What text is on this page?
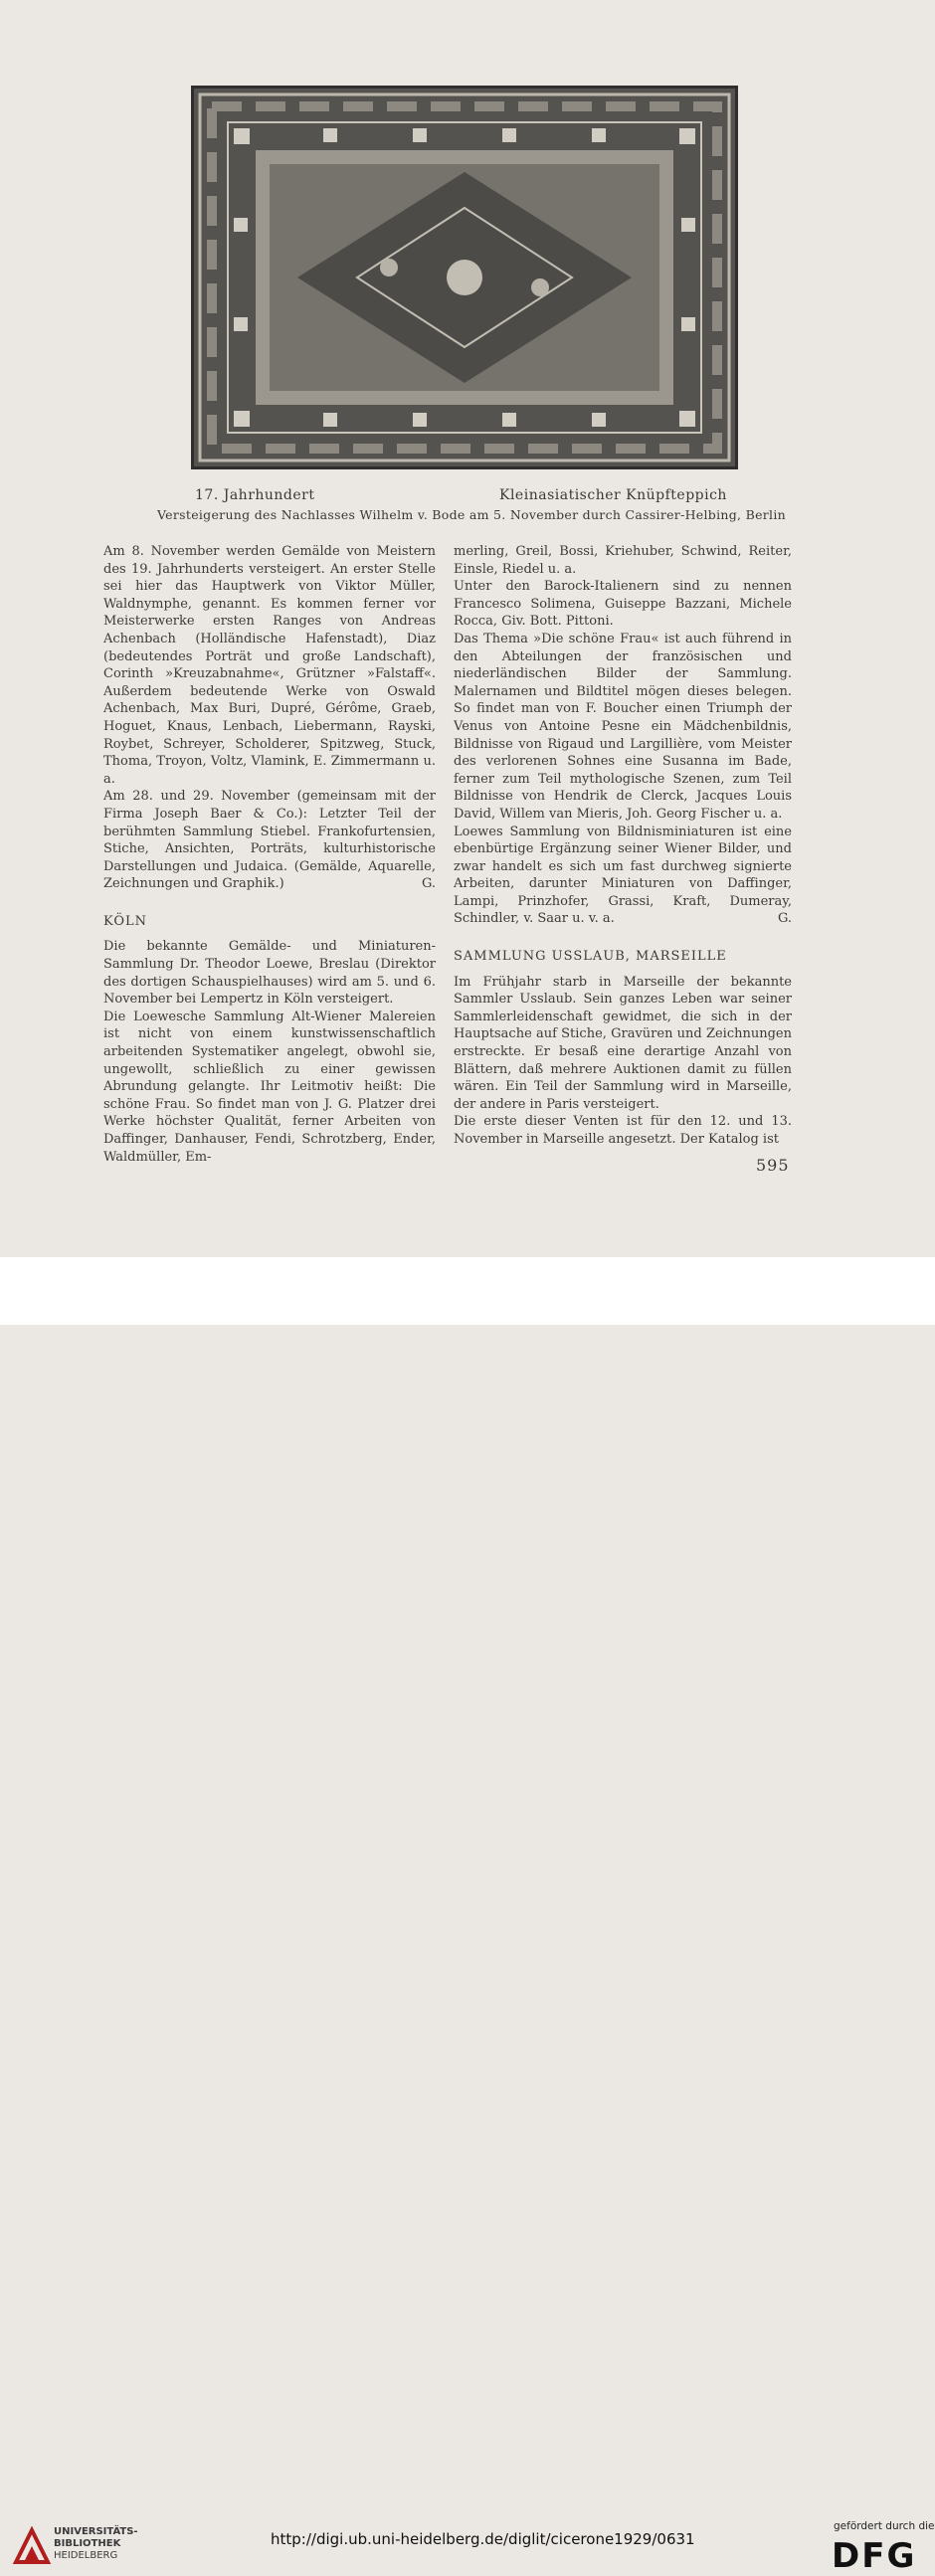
17. Jahrhundert	Kleinasiatischer Knüpfteppich
Versteigerung des Nachlasses Wilhelm v. Bode am 5. November durch Cassirer-Helbing, Berlin

Am 8. November werden Gemälde von Meistern des 19. Jahrhunderts versteigert. An erster Stelle sei hier das Hauptwerk von Viktor Müller, Waldnymphe, genannt. Es kommen ferner vor Meisterwerke ersten Ranges von Andreas Achenbach (Holländische Hafenstadt), Diaz (bedeutendes Porträt und große Landschaft), Corinth »Kreuzabnahme«, Grützner »Falstaff«. Außerdem bedeutende Werke von Oswald Achenbach, Max Buri, Dupré, Gérôme, Graeb, Hoguet, Knaus, Lenbach, Liebermann, Rayski, Roybet, Schreyer, Scholderer, Spitzweg, Stuck, Thoma, Troyon, Voltz, Vlamink, E. Zimmermann u. a.

Am 28. und 29. November (gemeinsam mit der Firma Joseph Baer & Co.): Letzter Teil der berühmten Sammlung Stiebel. Frankofurtensien, Stiche, Ansichten, Porträts, kulturhistorische Darstellungen und Judaica. (Gemälde, Aquarelle, Zeichnungen und Graphik.)	G.

KÖLN

Die bekannte Gemälde- und Miniaturen-Sammlung Dr. Theodor Loewe, Breslau (Direktor des dortigen Schauspielhauses) wird am 5. und 6. November bei Lempertz in Köln versteigert.

Die Loewesche Sammlung Alt-Wiener Malereien ist nicht von einem kunstwissenschaftlich arbeitenden Systematiker angelegt, obwohl sie, ungewollt, schließlich zu einer gewissen Abrundung gelangte. Ihr Leitmotiv heißt: Die schöne Frau. So findet man von J. G. Platzer drei Werke höchster Qualität, ferner Arbeiten von Daffinger, Danhauser, Fendi, Schrotzberg, Ender, Waldmüller, Em-

merling, Greil, Bossi, Kriehuber, Schwind, Reiter, Einsle, Riedel u. a.

Unter den Barock-Italienern sind zu nennen Francesco Solimena, Guiseppe Bazzani, Michele Rocca, Giv. Bott. Pittoni.

Das Thema »Die schöne Frau« ist auch führend in den Abteilungen der französischen und niederländischen Bilder der Sammlung. Malernamen und Bildtitel mögen dieses belegen. So findet man von F. Boucher einen Triumph der Venus von Antoine Pesne ein Mädchenbildnis, Bildnisse von Rigaud und Largillière, vom Meister des verlorenen Sohnes eine Susanna im Bade, ferner zum Teil mythologische Szenen, zum Teil Bildnisse von Hendrik de Clerck, Jacques Louis David, Willem van Mieris, Joh. Georg Fischer u. a.

Loewes Sammlung von Bildnisminiaturen ist eine ebenbürtige Ergänzung seiner Wiener Bilder, und zwar handelt es sich um fast durchweg signierte Arbeiten, darunter Miniaturen von Daffinger, Lampi, Prinzhofer, Grassi, Kraft, Dumeray, Schindler, v. Saar u. v. a.	G.

SAMMLUNG USSLAUB, MARSEILLE

Im Frühjahr starb in Marseille der bekannte Sammler Usslaub. Sein ganzes Leben war seiner Sammlerleidenschaft gewidmet, die sich in der Hauptsache auf Stiche, Gravüren und Zeichnungen erstreckte. Er besaß eine derartige Anzahl von Blättern, daß mehrere Auktionen damit zu füllen wären. Ein Teil der Sammlung wird in Marseille, der andere in Paris versteigert.

Die erste dieser Venten ist für den 12. und 13. November in Marseille angesetzt. Der Katalog ist

595
UNIVERSITÄTS-
BIBLIOTHEK
HEIDELBERG
http://digi.ub.uni-heidelberg.de/diglit/cicerone1929/0631
gefördert durch die
DFG
